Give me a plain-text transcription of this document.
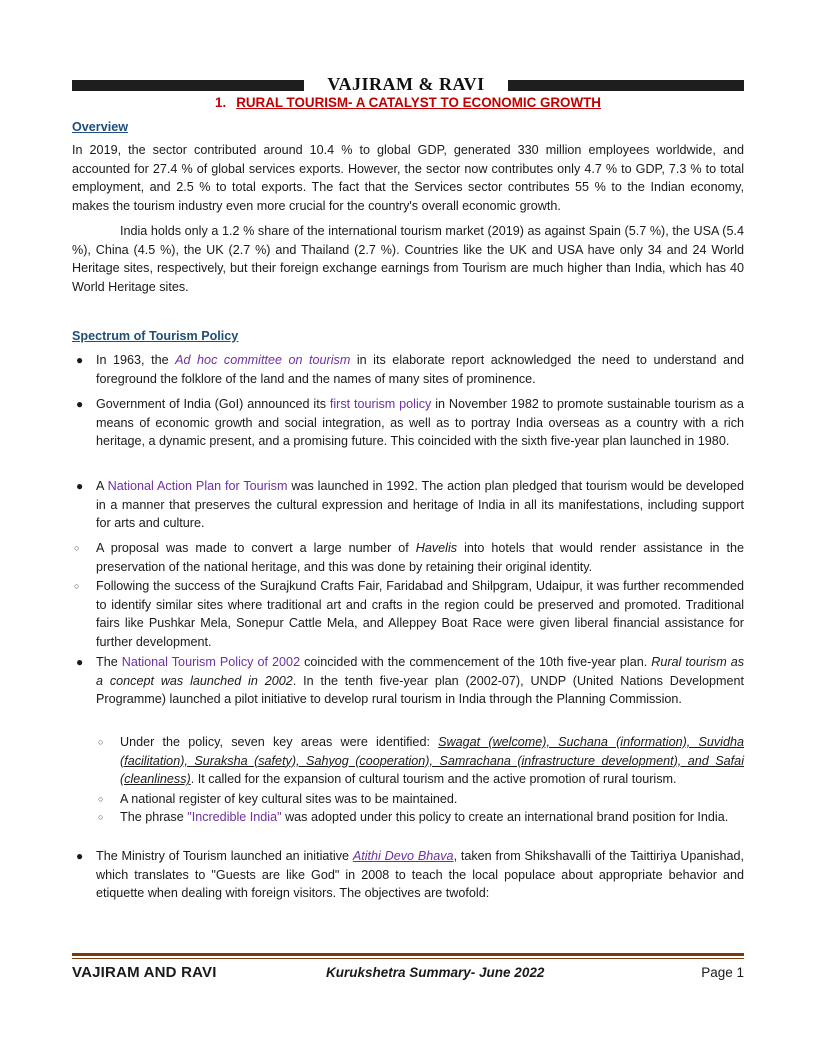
VAJIRAM & RAVI
1. RURAL TOURISM- A CATALYST TO ECONOMIC GROWTH
Overview
In 2019, the sector contributed around 10.4 % to global GDP, generated 330 million employees worldwide, and accounted for 27.4 % of global services exports. However, the sector now contributes only 4.7 % to GDP, 7.3 % to total employment, and 2.5 % to total exports. The fact that the Services sector contributes 55 % to the Indian economy, makes the tourism industry even more crucial for the country's overall economic growth.
India holds only a 1.2 % share of the international tourism market (2019) as against Spain (5.7 %), the USA (5.4 %), China (4.5 %), the UK (2.7 %) and Thailand (2.7 %). Countries like the UK and USA have only 34 and 24 World Heritage sites, respectively, but their foreign exchange earnings from Tourism are much higher than India, which has 40 World Heritage sites.
Spectrum of Tourism Policy
● In 1963, the Ad hoc committee on tourism in its elaborate report acknowledged the need to understand and foreground the folklore of the land and the names of many sites of prominence.
● Government of India (GoI) announced its first tourism policy in November 1982 to promote sustainable tourism as a means of economic growth and social integration, as well as to portray India overseas as a country with a rich heritage, a dynamic present, and a promising future. This coincided with the sixth five-year plan launched in 1980.
● A National Action Plan for Tourism was launched in 1992. The action plan pledged that tourism would be developed in a manner that preserves the cultural expression and heritage of India in all its manifestations, including support for arts and culture.
○ A proposal was made to convert a large number of Havelis into hotels that would render assistance in the preservation of the national heritage, and this was done by retaining their original identity.
○ Following the success of the Surajkund Crafts Fair, Faridabad and Shilpgram, Udaipur, it was further recommended to identify similar sites where traditional art and crafts in the region could be preserved and promoted. Traditional fairs like Pushkar Mela, Sonepur Cattle Mela, and Alleppey Boat Race were given liberal financial assistance for further development.
● The National Tourism Policy of 2002 coincided with the commencement of the 10th five-year plan. Rural tourism as a concept was launched in 2002. In the tenth five-year plan (2002-07), UNDP (United Nations Development Programme) launched a pilot initiative to develop rural tourism in India through the Planning Commission.
○ Under the policy, seven key areas were identified: Swagat (welcome), Suchana (information), Suvidha (facilitation), Suraksha (safety), Sahyog (cooperation), Samrachana (infrastructure development), and Safai (cleanliness). It called for the expansion of cultural tourism and the active promotion of rural tourism.
○ A national register of key cultural sites was to be maintained.
○ The phrase "Incredible India" was adopted under this policy to create an international brand position for India.
● The Ministry of Tourism launched an initiative Atithi Devo Bhava, taken from Shikshavalli of the Taittiriya Upanishad, which translates to "Guests are like God" in 2008 to teach the local populace about appropriate behavior and etiquette when dealing with foreign visitors. The objectives are twofold:
VAJIRAM AND RAVI	Kurukshetra Summary- June 2022	Page 1
